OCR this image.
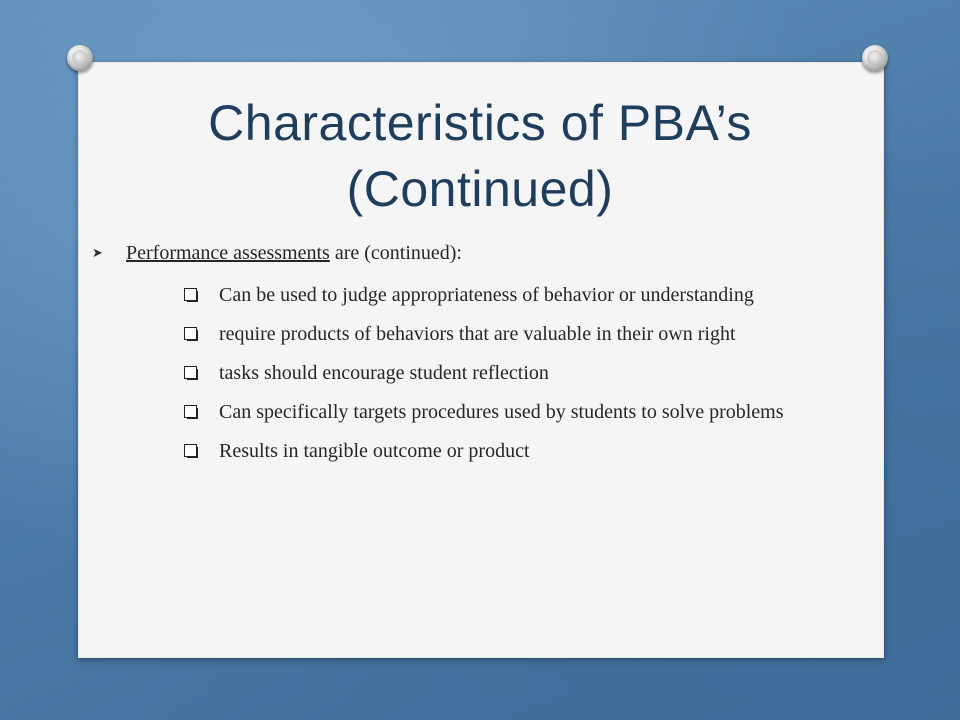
Characteristics of PBA’s
(Continued)
➤	Performance assessments are (continued):
Can be used to judge appropriateness of behavior or understanding
require products of behaviors that are valuable in their own right
tasks should encourage student reflection
Can specifically targets procedures used by students to solve problems
Results in tangible outcome or product
